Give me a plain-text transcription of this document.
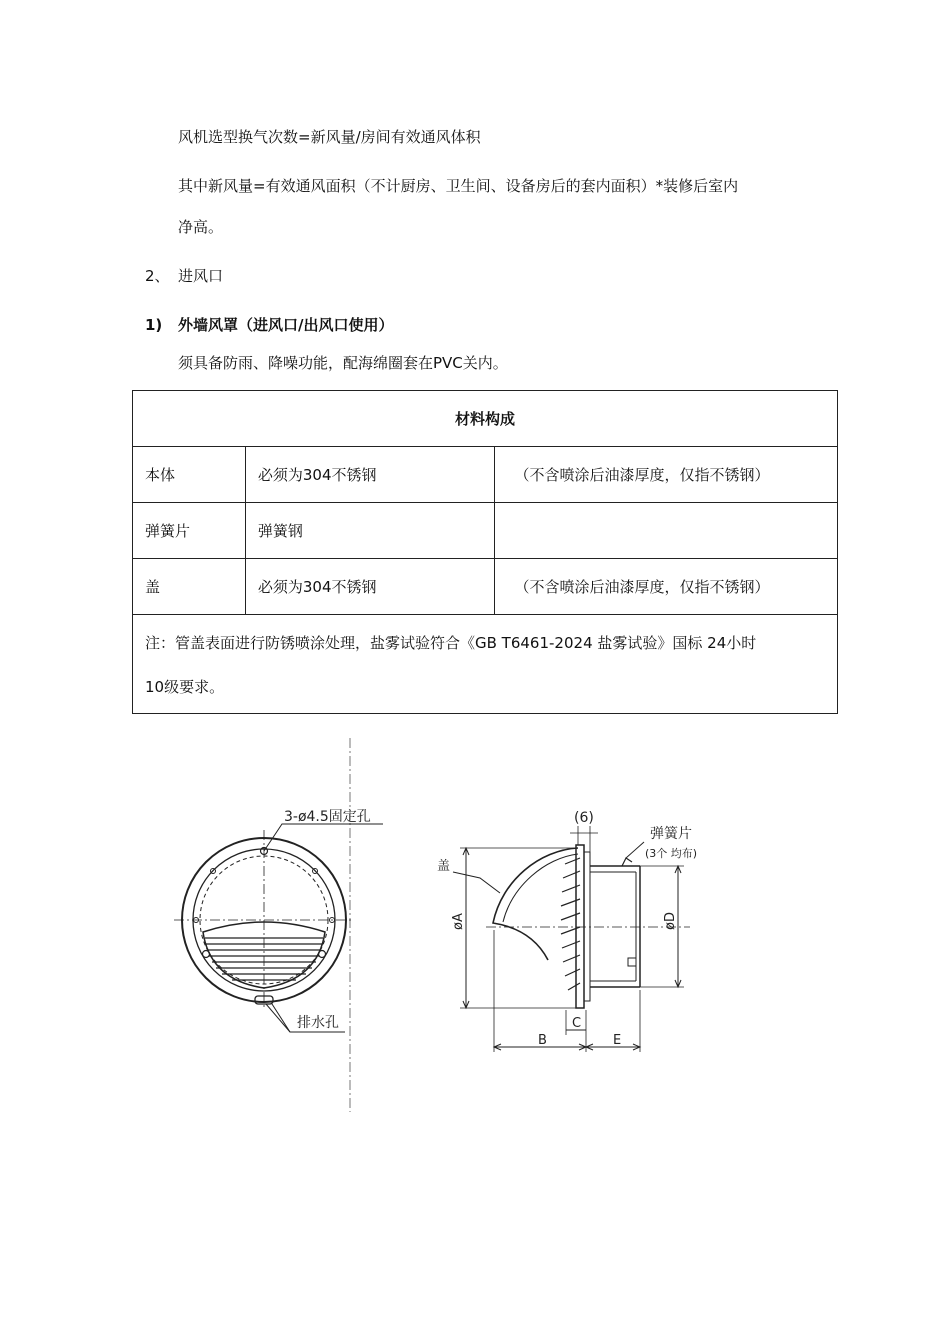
风机选型换气次数=新风量/房间有效通风体积
其中新风量=有效通风面积（不计厨房、卫生间、设备房后的套内面积）*装修后室内
净高。
2、 进风口
1) 外墙风罩（进风口/出风口使用）
须具备防雨、降噪功能，配海绵圈套在PVC关内。
材料构成		
本体	必须为304不锈钢	（不含喷涂后油漆厚度，仅指不锈钢）
弹簧片	弹簧钢	
盖	必须为304不锈钢	（不含喷涂后油漆厚度，仅指不锈钢）

注：管盖表面进行防锈喷涂处理，盐雾试验符合《GB T6461-2024 盐雾试验》国标 24小时
10级要求。		
3-ø4.5固定孔
排水孔
(6)
弹簧片
(3个 均布)
盖
øA	øD
C
B	E
